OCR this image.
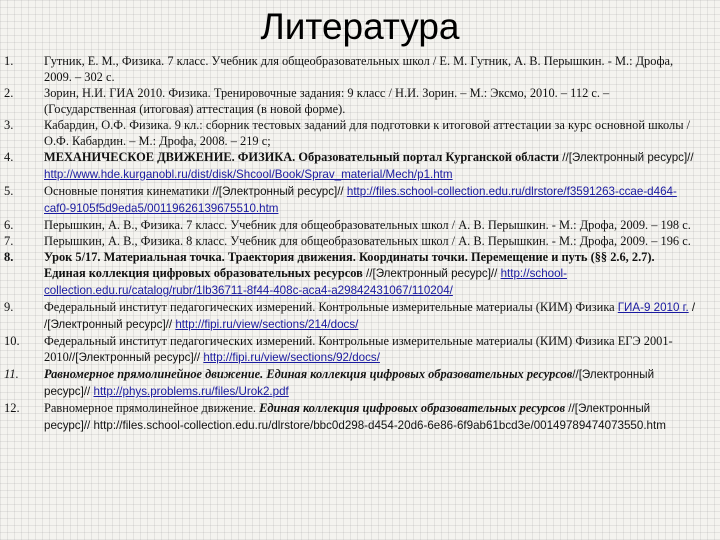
Литература
1.	Гутник, Е. М., Физика. 7 класс. Учебник для общеобразовательных школ / Е. М. Гутник, А. В. Перышкин. - М.: Дрофа, 2009. – 302 с.
2.	Зорин, Н.И. ГИА 2010. Физика. Тренировочные задания: 9 класс / Н.И. Зорин. – М.: Эксмо, 2010. – 112 с. – (Государственная (итоговая) аттестация (в новой форме).
3.	Кабардин, О.Ф. Физика. 9 кл.: сборник тестовых заданий для подготовки к итоговой аттестации за курс основной школы / О.Ф. Кабардин. – М.: Дрофа, 2008. – 219 с;
4.	МЕХАНИЧЕСКОЕ ДВИЖЕНИЕ. ФИЗИКА. Образовательный портал Курганской области //[Электронный ресурс]// http://www.hde.kurganobl.ru/dist/disk/Shcool/Book/Sprav_material/Mech/p1.htm
5.	Основные понятия кинематики //[Электронный ресурс]// http://files.school-collection.edu.ru/dlrstore/f3591263-ccae-d464-caf0-9105f5d9eda5/00119626139675510.htm
6.	Перышкин, А. В., Физика. 7 класс. Учебник для общеобразовательных школ / А. В. Перышкин. - М.: Дрофа, 2009. – 198 с.
7.	Перышкин, А. В., Физика. 8 класс. Учебник для общеобразовательных школ / А. В. Перышкин. - М.: Дрофа, 2009. – 196 с.
8.	Урок 5/17. Материальная точка. Траектория движения. Координаты точки. Перемещение и путь (§§ 2.6, 2.7). Единая коллекция цифровых образовательных ресурсов //[Электронный ресурс]// http://school-collection.edu.ru/catalog/rubr/1lb36711-8f44-408c-aca4-a29842431067/110204/
9.	Федеральный институт педагогических измерений. Контрольные измерительные материалы (КИМ) Физика ГИА-9 2010 г. / /[Электронный ресурс]// http://fipi.ru/view/sections/214/docs/
10.	Федеральный институт педагогических измерений. Контрольные измерительные материалы (КИМ) Физика ЕГЭ 2001-2010//[Электронный ресурс]// http://fipi.ru/view/sections/92/docs/
11.	Равномерное прямолинейное движение. Единая коллекция цифровых образовательных ресурсов//[Электронный ресурс]// http://phys.problems.ru/files/Urok2.pdf
12.	Равномерное прямолинейное движение. Единая коллекция цифровых образовательных ресурсов //[Электронный ресурс]// http://files.school-collection.edu.ru/dlrstore/bbc0d298-d454-20d6-6e86-6f9ab61bcd3e/00149789474073550.htm
